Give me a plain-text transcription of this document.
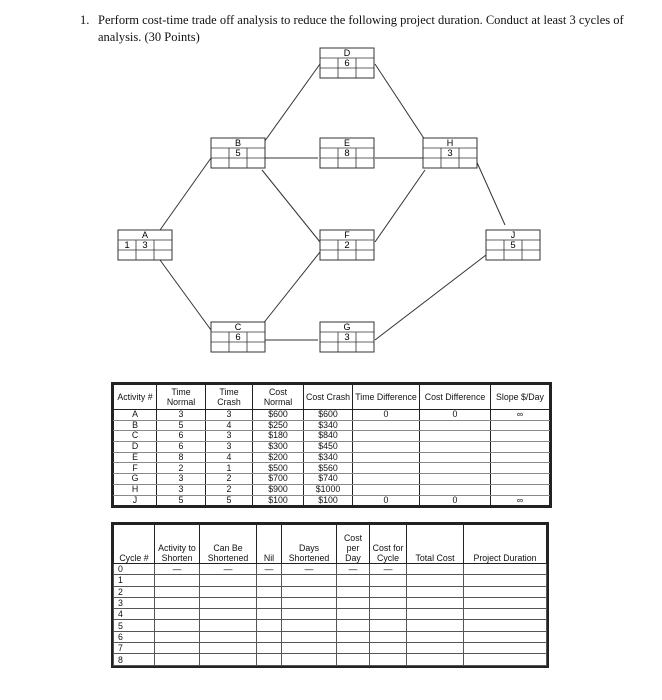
1. Perform cost-time trade off analysis to reduce the following project duration. Conduct at least 3 cycles of analysis. (30 Points)
A
3
1
B
5
C
6
D
6
E
8
F
2
G
3
H
3
J
5
Activity #	Time Normal	Time Crash	Cost Normal	Cost Crash	Time Difference	Cost Difference	Slope $/Day
A	3	3	$600	$600	0	0	∞
B	5	4	$250	$340			
C	6	3	$180	$840			
D	6	3	$300	$450			
E	8	4	$200	$340			
F	2	1	$500	$560			
G	3	2	$700	$740			
H	3	2	$900	$1000			
J	5	5	$100	$100	0	0	∞
Cycle #	Activity to Shorten	Can Be Shortened	Nil	Days Shortened	Cost per Day	Cost for Cycle	Total Cost	Project Duration
0	—	—	—	—	—	—		
1								
2								
3								
4								
5								
6								
7								
8								
